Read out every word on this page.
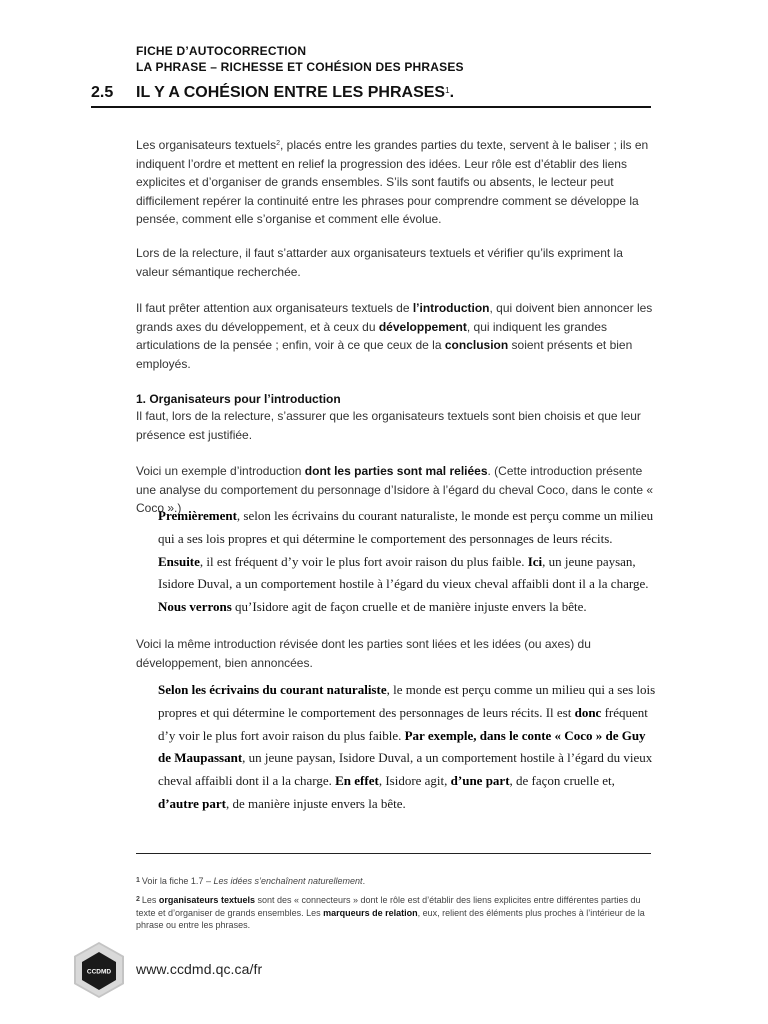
FICHE D’AUTOCORRECTION
LA PHRASE – RICHESSE ET COHÉSION DES PHRASES
2.5 IL Y A COHÉSION ENTRE LES PHRASES$^1$.
Les organisateurs textuels$^2$, placés entre les grandes parties du texte, servent à le baliser ; ils en indiquent l’ordre et mettent en relief la progression des idées. Leur rôle est d’établir des liens explicites et d’organiser de grands ensembles. S’ils sont fautifs ou absents, le lecteur peut difficilement repérer la continuité entre les phrases pour comprendre comment se développe la pensée, comment elle s’organise et comment elle évolue.
Lors de la relecture, il faut s’attarder aux organisateurs textuels et vérifier qu’ils expriment la valeur sémantique recherchée.
Il faut prêter attention aux organisateurs textuels de l’introduction, qui doivent bien annoncer les grands axes du développement, et à ceux du développement, qui indiquent les grandes articulations de la pensée ; enfin, voir à ce que ceux de la conclusion soient présents et bien employés.
1. Organisateurs pour l’introduction
Il faut, lors de la relecture, s’assurer que les organisateurs textuels sont bien choisis et que leur présence est justifiée.
Voici un exemple d’introduction dont les parties sont mal reliées. (Cette introduction présente une analyse du comportement du personnage d’Isidore à l’égard du cheval Coco, dans le conte « Coco ».)
Premièrement, selon les écrivains du courant naturaliste, le monde est perçu comme un milieu qui a ses lois propres et qui détermine le comportement des personnages de leurs récits. Ensuite, il est fréquent d’y voir le plus fort avoir raison du plus faible. Ici, un jeune paysan, Isidore Duval, a un comportement hostile à l’égard du vieux cheval affaibli dont il a la charge. Nous verrons qu’Isidore agit de façon cruelle et de manière injuste envers la bête.
Voici la même introduction révisée dont les parties sont liées et les idées (ou axes) du développement, bien annoncées.
Selon les écrivains du courant naturaliste, le monde est perçu comme un milieu qui a ses lois propres et qui détermine le comportement des personnages de leurs récits. Il est donc fréquent d’y voir le plus fort avoir raison du plus faible. Par exemple, dans le conte « Coco » de Guy de Maupassant, un jeune paysan, Isidore Duval, a un comportement hostile à l’égard du vieux cheval affaibli dont il a la charge. En effet, Isidore agit, d’une part, de façon cruelle et, d’autre part, de manière injuste envers la bête.
$^1$ Voir la fiche 1.7 – Les idées s’enchaînent naturellement.
$^2$ Les organisateurs textuels sont des « connecteurs » dont le rôle est d’établir des liens explicites entre différentes parties du texte et d’organiser de grands ensembles. Les marqueurs de relation, eux, relient des éléments plus proches à l’intérieur de la phrase ou entre les phrases.
CCDMD www.ccdmd.qc.ca/fr
